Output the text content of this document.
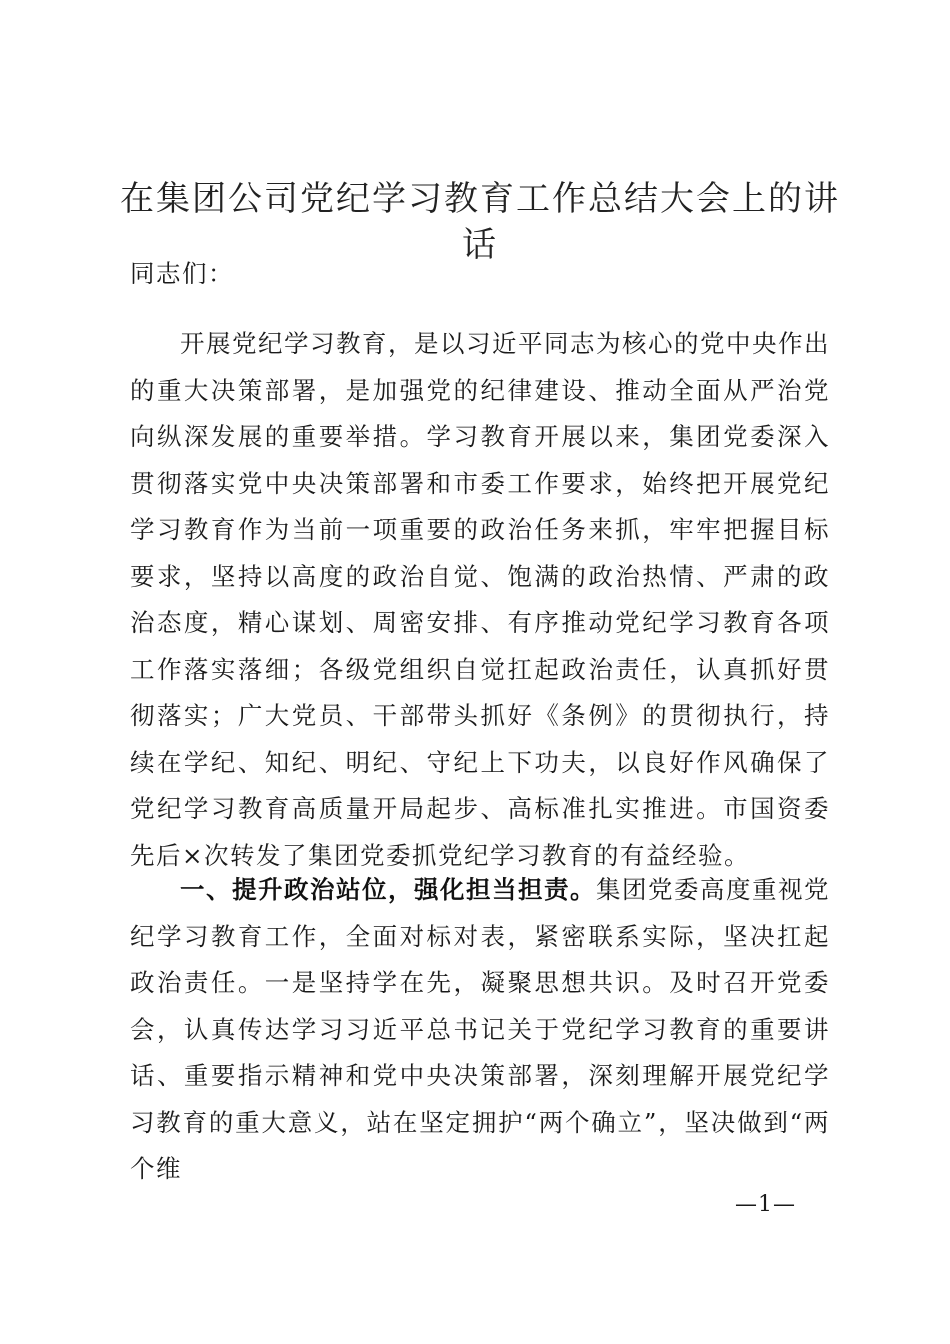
在集团公司党纪学习教育工作总结大会上的讲话

同志们：

开展党纪学习教育，是以习近平同志为核心的党中央作出的重大决策部署，是加强党的纪律建设、推动全面从严治党向纵深发展的重要举措。学习教育开展以来，集团党委深入贯彻落实党中央决策部署和市委工作要求，始终把开展党纪学习教育作为当前一项重要的政治任务来抓，牢牢把握目标要求，坚持以高度的政治自觉、饱满的政治热情、严肃的政治态度，精心谋划、周密安排、有序推动党纪学习教育各项工作落实落细；各级党组织自觉扛起政治责任，认真抓好贯彻落实；广大党员、干部带头抓好《条例》的贯彻执行，持续在学纪、知纪、明纪、守纪上下功夫，以良好作风确保了党纪学习教育高质量开局起步、高标准扎实推进。市国资委先后×次转发了集团党委抓党纪学习教育的有益经验。

一、提升政治站位，强化担当担责。集团党委高度重视党纪学习教育工作，全面对标对表，紧密联系实际，坚决扛起政治责任。一是坚持学在先，凝聚思想共识。及时召开党委会，认真传达学习习近平总书记关于党纪学习教育的重要讲话、重要指示精神和党中央决策部署，深刻理解开展党纪学习教育的重大意义，站在坚定拥护“两个确立”，坚决做到“两个维

—1—
